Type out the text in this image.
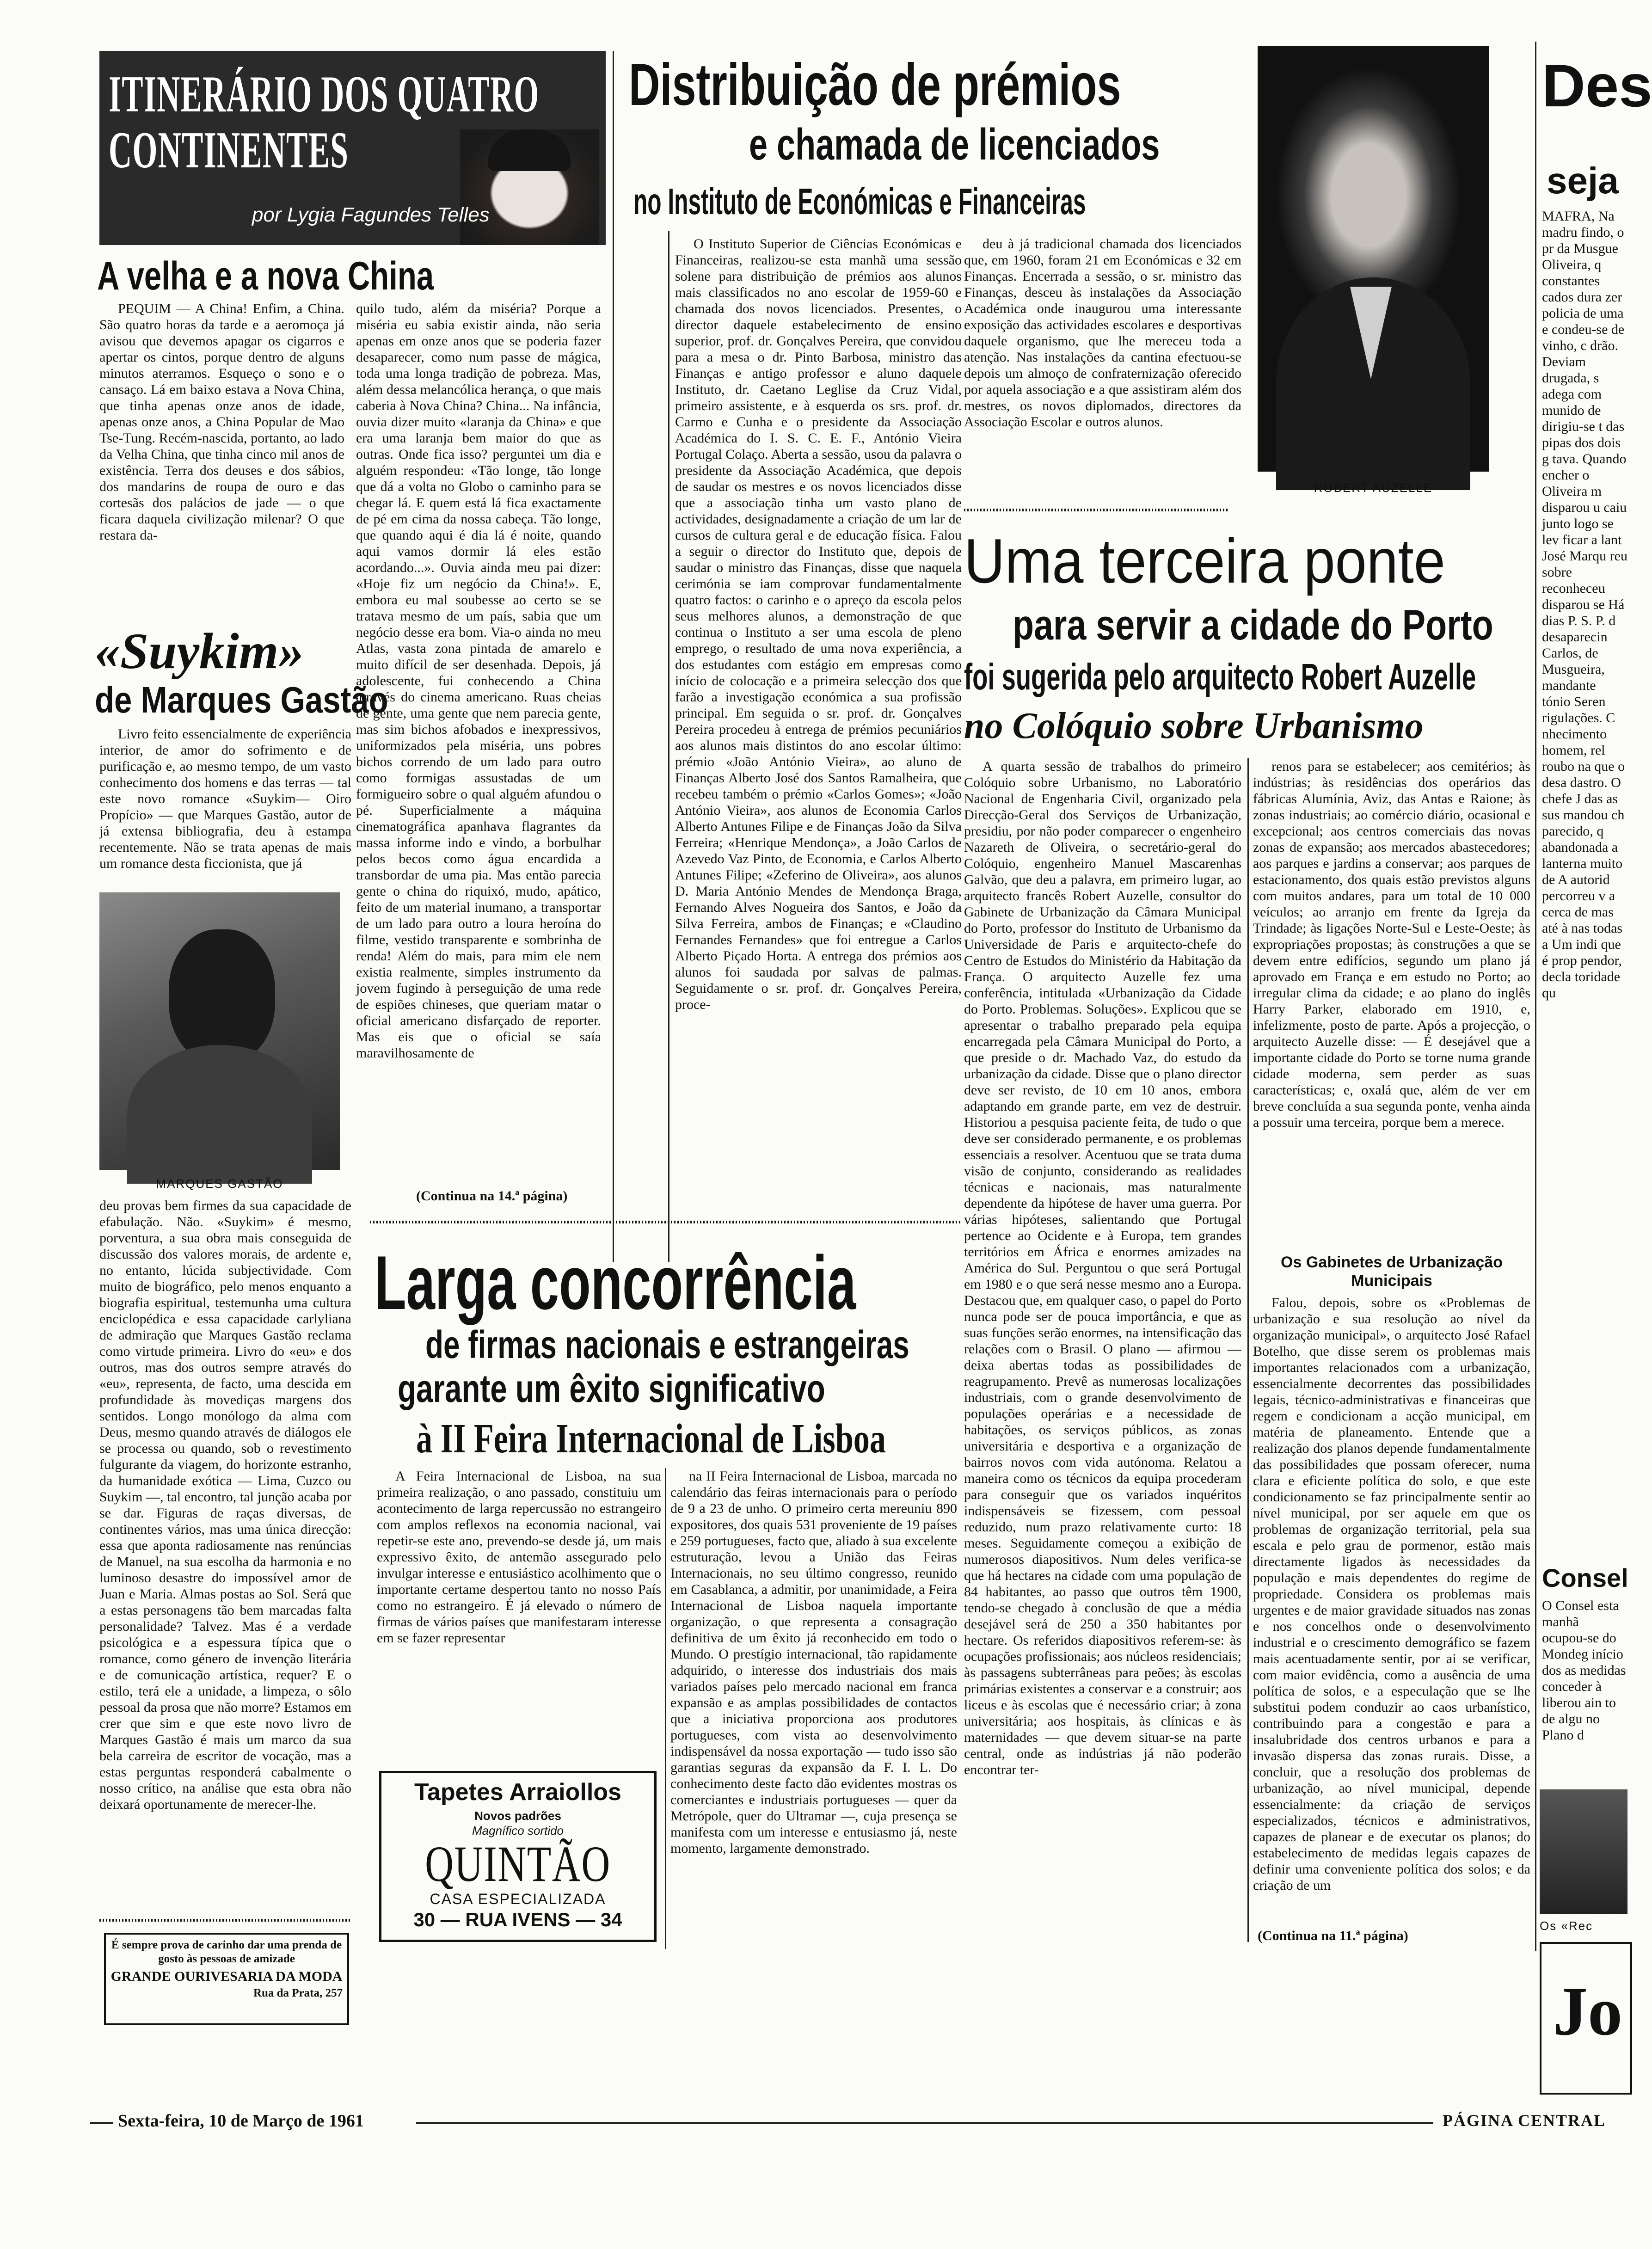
ITINERÁRIO DOS QUATRO
CONTINENTES
por Lygia Fagundes Telles
A velha e a nova China
PEQUIM — A China! Enfim, a China. São quatro horas da tarde e a aeromoça já avisou que devemos apagar os cigarros e apertar os cintos, porque dentro de alguns minutos aterramos. Esqueço o sono e o cansaço. Lá em baixo estava a Nova China, que tinha apenas onze anos de idade, apenas onze anos, a China Popular de Mao Tse-Tung. Recém-nascida, portanto, ao lado da Velha China, que tinha cinco mil anos de existência. Terra dos deuses e dos sábios, dos mandarins de roupa de ouro e das cortesãs dos palácios de jade — o que ficara daquela civilização milenar? O que restara da-
quilo tudo, além da miséria? Porque a miséria eu sabia existir ainda, não seria apenas em onze anos que se poderia fazer desaparecer, como num passe de mágica, toda uma longa tradição de pobreza. Mas, além dessa melancólica herança, o que mais caberia à Nova China? China... Na infância, ouvia dizer muito «laranja da China» e que era uma laranja bem maior do que as outras. Onde fica isso? perguntei um dia e alguém respondeu: «Tão longe, tão longe que dá a volta no Globo o caminho para se chegar lá. E quem está lá fica exactamente de pé em cima da nossa cabeça. Tão longe, que quando aqui é dia lá é noite, quando aqui vamos dormir lá eles estão acordando...». Ouvia ainda meu pai dizer: «Hoje fiz um negócio da China!». E, embora eu mal soubesse ao certo se se tratava mesmo de um país, sabia que um negócio desse era bom. Via-o ainda no meu Atlas, vasta zona pintada de amarelo e muito difícil de ser desenhada. Depois, já adolescente, fui conhecendo a China através do cinema americano. Ruas cheias de gente, uma gente que nem parecia gente, mas sim bichos afobados e inexpressivos, uniformizados pela miséria, uns pobres bichos correndo de um lado para outro como formigas assustadas de um formigueiro sobre o qual alguém afundou o pé. Superficialmente a máquina cinematográfica apanhava flagrantes da massa informe indo e vindo, a borbulhar pelos becos como água encardida a transbordar de uma pia. Mas então parecia gente o china do riquixó, mudo, apático, feito de um material inumano, a transportar de um lado para outro a loura heroína do filme, vestido transparente e sombrinha de renda! Além do mais, para mim ele nem existia realmente, simples instrumento da jovem fugindo à perseguição de uma rede de espiões chineses, que queriam matar o oficial americano disfarçado de reporter. Mas eis que o oficial se saía maravilhosamente de
(Continua na 14.ª página)
«Suykim»
de Marques Gastão
Livro feito essencialmente de experiência interior, de amor do sofrimento e de purificação e, ao mesmo tempo, de um vasto conhecimento dos homens e das terras — tal este novo romance «Suykim— Oiro Propício» — que Marques Gastão, autor de já extensa bibliografia, deu à estampa recentemente. Não se trata apenas de mais um romance desta ficcionista, que já
MARQUES GASTÃO
deu provas bem firmes da sua capacidade de efabulação. Não. «Suykim» é mesmo, porventura, a sua obra mais conseguida de discussão dos valores morais, de ardente e, no entanto, lúcida subjectividade. Com muito de biográfico, pelo menos enquanto a biografia espiritual, testemunha uma cultura enciclopédica e essa capacidade carlyliana de admiração que Marques Gastão reclama como virtude primeira. Livro do «eu» e dos outros, mas dos outros sempre através do «eu», representa, de facto, uma descida em profundidade às movediças margens dos sentidos. Longo monólogo da alma com Deus, mesmo quando através de diálogos ele se processa ou quando, sob o revestimento fulgurante da viagem, do horizonte estranho, da humanidade exótica — Lima, Cuzco ou Suykim —, tal encontro, tal junção acaba por se dar. Figuras de raças diversas, de continentes vários, mas uma única direcção: essa que aponta radiosamente nas renúncias de Manuel, na sua escolha da harmonia e no luminoso desastre do impossível amor de Juan e Maria. Almas postas ao Sol. Será que a estas personagens tão bem marcadas falta personalidade? Talvez. Mas é a verdade psicológica e a espessura típica que o romance, como género de invenção literária e de comunicação artística, requer? E o estilo, terá ele a unidade, a limpeza, o sôlo pessoal da prosa que não morre? Estamos em crer que sim e que este novo livro de Marques Gastão é mais um marco da sua bela carreira de escritor de vocação, mas a estas perguntas responderá cabalmente o nosso crítico, na análise que esta obra não deixará oportunamente de merecer-lhe.
É sempre prova de carinho dar uma prenda de gosto às pessoas de amizade
GRANDE OURIVESARIA DA MODA
Rua da Prata, 257
Distribuição de prémios
e chamada de licenciados
no Instituto de Económicas e Financeiras
O Instituto Superior de Ciências Económicas e Financeiras, realizou-se esta manhã uma sessão solene para distribuição de prémios aos alunos mais classificados no ano escolar de 1959-60 e chamada dos novos licenciados. Presentes, o director daquele estabelecimento de ensino superior, prof. dr. Gonçalves Pereira, que convidou para a mesa o dr. Pinto Barbosa, ministro das Finanças e antigo professor e aluno daquele Instituto, dr. Caetano Leglise da Cruz Vidal, primeiro assistente, e à esquerda os srs. prof. dr. Carmo e Cunha e o presidente da Associação Académica do I. S. C. E. F., António Vieira Portugal Colaço. Aberta a sessão, usou da palavra o presidente da Associação Académica, que depois de saudar os mestres e os novos licenciados disse que a associação tinha um vasto plano de actividades, designadamente a criação de um lar de cursos de cultura geral e de educação física. Falou a seguir o director do Instituto que, depois de saudar o ministro das Finanças, disse que naquela cerimónia se iam comprovar fundamentalmente quatro factos: o carinho e o apreço da escola pelos seus melhores alunos, a demonstração de que continua o Instituto a ser uma escola de pleno emprego, o resultado de uma nova experiência, a dos estudantes com estágio em empresas como início de colocação e a primeira selecção dos que farão a investigação económica a sua profissão principal. Em seguida o sr. prof. dr. Gonçalves Pereira procedeu à entrega de prémios pecuniários aos alunos mais distintos do ano escolar último: prémio «João António Vieira», ao aluno de Finanças Alberto José dos Santos Ramalheira, que recebeu também o prémio «Carlos Gomes»; «João António Vieira», aos alunos de Economia Carlos Alberto Antunes Filipe e de Finanças João da Silva Ferreira; «Henrique Mendonça», a João Carlos de Azevedo Vaz Pinto, de Economia, e Carlos Alberto Antunes Filipe; «Zeferino de Oliveira», aos alunos D. Maria António Mendes de Mendonça Braga, Fernando Alves Nogueira dos Santos, e João da Silva Ferreira, ambos de Finanças; e «Claudino Fernandes Fernandes» que foi entregue a Carlos Alberto Piçado Horta. A entrega dos prémios aos alunos foi saudada por salvas de palmas. Seguidamente o sr. prof. dr. Gonçalves Pereira, proce-
deu à já tradicional chamada dos licenciados que, em 1960, foram 21 em Económicas e 32 em Finanças. Encerrada a sessão, o sr. ministro das Finanças, desceu às instalações da Associação Académica onde inaugurou uma interessante exposição das actividades escolares e desportivas daquele organismo, que lhe mereceu toda a atenção. Nas instalações da cantina efectuou-se depois um almoço de confraternização oferecido por aquela associação e a que assistiram além dos mestres, os novos diplomados, directores da Associação Escolar e outros alunos.
ROBERT AUZELLE
Uma terceira ponte
para servir a cidade do Porto
foi sugerida pelo arquitecto Robert Auzelle
no Colóquio sobre Urbanismo
A quarta sessão de trabalhos do primeiro Colóquio sobre Urbanismo, no Laboratório Nacional de Engenharia Civil, organizado pela Direcção-Geral dos Serviços de Urbanização, presidiu, por não poder comparecer o engenheiro Nazareth de Oliveira, o secretário-geral do Colóquio, engenheiro Manuel Mascarenhas Galvão, que deu a palavra, em primeiro lugar, ao arquitecto francês Robert Auzelle, consultor do Gabinete de Urbanização da Câmara Municipal do Porto, professor do Instituto de Urbanismo da Universidade de Paris e arquitecto-chefe do Centro de Estudos do Ministério da Habitação da França. O arquitecto Auzelle fez uma conferência, intitulada «Urbanização da Cidade do Porto. Problemas. Soluções». Explicou que se apresentar o trabalho preparado pela equipa encarregada pela Câmara Municipal do Porto, a que preside o dr. Machado Vaz, do estudo da urbanização da cidade. Disse que o plano director deve ser revisto, de 10 em 10 anos, embora adaptando em grande parte, em vez de destruir. Historiou a pesquisa paciente feita, de tudo o que deve ser considerado permanente, e os problemas essenciais a resolver. Acentuou que se trata duma visão de conjunto, considerando as realidades técnicas e nacionais, mas naturalmente dependente da hipótese de haver uma guerra. Por várias hipóteses, salientando que Portugal pertence ao Ocidente e à Europa, tem grandes territórios em África e enormes amizades na América do Sul. Perguntou o que será Portugal em 1980 e o que será nesse mesmo ano a Europa. Destacou que, em qualquer caso, o papel do Porto nunca pode ser de pouca importância, e que as suas funções serão enormes, na intensificação das relações com o Brasil. O plano — afirmou — deixa abertas todas as possibilidades de reagrupamento. Prevê as numerosas localizações industriais, com o grande desenvolvimento de populações operárias e a necessidade de habitações, os serviços públicos, as zonas universitária e desportiva e a organização de bairros novos com vida autónoma. Relatou a maneira como os técnicos da equipa procederam para conseguir que os variados inquéritos indispensáveis se fizessem, com pessoal reduzido, num prazo relativamente curto: 18 meses. Seguidamente começou a exibição de numerosos diapositivos. Num deles verifica-se que há hectares na cidade com uma população de 84 habitantes, ao passo que outros têm 1900, tendo-se chegado à conclusão de que a média desejável será de 250 a 350 habitantes por hectare. Os referidos diapositivos referem-se: às ocupações profissionais; aos núcleos residenciais; às passagens subterrâneas para peões; às escolas primárias existentes a conservar e a construir; aos liceus e às escolas que é necessário criar; à zona universitária; aos hospitais, às clínicas e às maternidades — que devem situar-se na parte central, onde as indústrias já não poderão encontrar ter-
renos para se estabelecer; aos cemitérios; às indústrias; às residências dos operários das fábricas Alumínia, Aviz, das Antas e Raione; às zonas industriais; ao comércio diário, ocasional e excepcional; aos centros comerciais das novas zonas de expansão; aos mercados abastecedores; aos parques e jardins a conservar; aos parques de estacionamento, dos quais estão previstos alguns com muitos andares, para um total de 10 000 veículos; ao arranjo em frente da Igreja da Trindade; às ligações Norte-Sul e Leste-Oeste; às expropriações propostas; às construções a que se devem entre edifícios, segundo um plano já aprovado em França e em estudo no Porto; ao irregular clima da cidade; e ao plano do inglês Harry Parker, elaborado em 1910, e, infelizmente, posto de parte. Após a projecção, o arquitecto Auzelle disse: — É desejável que a importante cidade do Porto se torne numa grande cidade moderna, sem perder as suas características; e, oxalá que, além de ver em breve concluída a sua segunda ponte, venha ainda a possuir uma terceira, porque bem a merece.
Os Gabinetes de Urbanização Municipais
Falou, depois, sobre os «Problemas de urbanização e sua resolução ao nível da organização municipal», o arquitecto José Rafael Botelho, que disse serem os problemas mais importantes relacionados com a urbanização, essencialmente decorrentes das possibilidades legais, técnico-administrativas e financeiras que regem e condicionam a acção municipal, em matéria de planeamento. Entende que a realização dos planos depende fundamentalmente das possibilidades que possam oferecer, numa clara e eficiente política do solo, e que este condicionamento se faz principalmente sentir ao nível municipal, por ser aquele em que os problemas de organização territorial, pela sua escala e pelo grau de pormenor, estão mais directamente ligados às necessidades da população e mais dependentes do regime de propriedade. Considera os problemas mais urgentes e de maior gravidade situados nas zonas e nos concelhos onde o desenvolvimento industrial e o crescimento demográfico se fazem mais acentuadamente sentir, por ai se verificar, com maior evidência, como a ausência de uma política de solos, e a especulação que se lhe substitui podem conduzir ao caos urbanístico, contribuindo para a congestão e para a insalubridade dos centros urbanos e para a invasão dispersa das zonas rurais. Disse, a concluir, que a resolução dos problemas de urbanização, ao nível municipal, depende essencialmente: da criação de serviços especializados, técnicos e administrativos, capazes de planear e de executar os planos; do estabelecimento de medidas legais capazes de definir uma conveniente política dos solos; e da criação de um
(Continua na 11.ª página)
Larga concorrência
de firmas nacionais e estrangeiras
garante um êxito significativo
à II Feira Internacional de Lisboa
A Feira Internacional de Lisboa, na sua primeira realização, o ano passado, constituiu um acontecimento de larga repercussão no estrangeiro com amplos reflexos na economia nacional, vai repetir-se este ano, prevendo-se desde já, um mais expressivo êxito, de antemão assegurado pelo invulgar interesse e entusiástico acolhimento que o importante certame despertou tanto no nosso País como no estrangeiro. É já elevado o número de firmas de vários países que manifestaram interesse em se fazer representar
na II Feira Internacional de Lisboa, marcada no calendário das feiras internacionais para o período de 9 a 23 de unho. O primeiro certa mereuniu 890 expositores, dos quais 531 proveniente de 19 países e 259 portugueses, facto que, aliado à sua excelente estruturação, levou a União das Feiras Internacionais, no seu último congresso, reunido em Casablanca, a admitir, por unanimidade, a Feira Internacional de Lisboa naquela importante organização, o que representa a consagração definitiva de um êxito já reconhecido em todo o Mundo. O prestígio internacional, tão rapidamente adquirido, o interesse dos industriais dos mais variados países pelo mercado nacional em franca expansão e as amplas possibilidades de contactos que a iniciativa proporciona aos produtores portugueses, com vista ao desenvolvimento indispensável da nossa exportação — tudo isso são garantias seguras da expansão da F. I. L. Do conhecimento deste facto dão evidentes mostras os comerciantes e industriais portugueses — quer da Metrópole, quer do Ultramar —, cuja presença se manifesta com um interesse e entusiasmo já, neste momento, largamente demonstrado.
Tapetes Arraiollos
Novos padrões
Magnífico sortido
QUINTÃO
CASA ESPECIALIZADA
30 — RUA IVENS — 34
Des
seja
MAFRA, Na madru findo, o pr da Musgue Oliveira, q constantes cados dura zer policia de uma e condeu-se de vinho, c drão. Deviam drugada, s adega com munido de dirigiu-se t das pipas dos dois g tava. Quando encher o Oliveira m disparou u caiu junto logo se lev ficar a lant José Marqu reu sobre reconheceu disparou se Há dias P. S. P. d desaparecin Carlos, de Musgueira, mandante tónio Seren rigulações. C nhecimento homem, rel roubo na que o desa dastro. O chefe J das as sus mandou ch parecido, q abandonada a lanterna muito de A autorid percorreu v a cerca de mas até à nas todas a Um indi que é prop pendor, decla toridade qu
Consel
O Consel esta manhã ocupou-se do Mondeg início dos as medidas conceder à liberou ain to de algu no Plano d
Os «Rec
Jo
Sexta-feira, 10 de Março de 1961	PÁGINA CENTRAL
